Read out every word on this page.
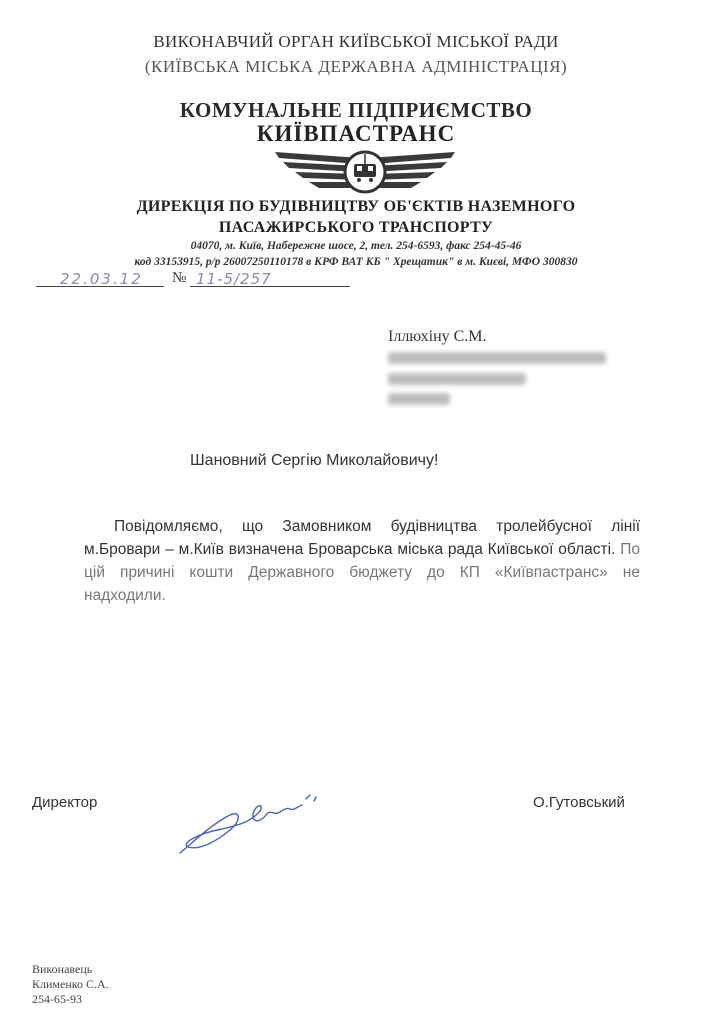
ВИКОНАВЧИЙ ОРГАН КИЇВСЬКОЇ МІСЬКОЇ РАДИ
(КИЇВСЬКА МІСЬКА ДЕРЖАВНА АДМІНІСТРАЦІЯ)
КОМУНАЛЬНЕ ПІДПРИЄМСТВО
КИЇВПАСТРАНС
ДИРЕКЦІЯ ПО БУДІВНИЦТВУ ОБ'ЄКТІВ НАЗЕМНОГО
ПАСАЖИРСЬКОГО ТРАНСПОРТУ
04070, м. Київ, Набережне шосе, 2, тел. 254-6593, факс 254-45-46
код 33153915, р/р 26007250110178 в КРФ ВАТ КБ " Хрещатик" в м. Києві, МФО 300830
22.03.12 № 11-5/257
Іллюхіну С.М.
Шановний Сергію Миколайовичу!
Повідомляємо, що Замовником будівництва тролейбусної лінії м.Бровари – м.Київ визначена Броварська міська рада Київської області. По цій причині кошти Державного бюджету до КП «Київпастранс» не надходили.
Директор	О.Гутовський
Виконавець
Клименко С.А.
254-65-93
